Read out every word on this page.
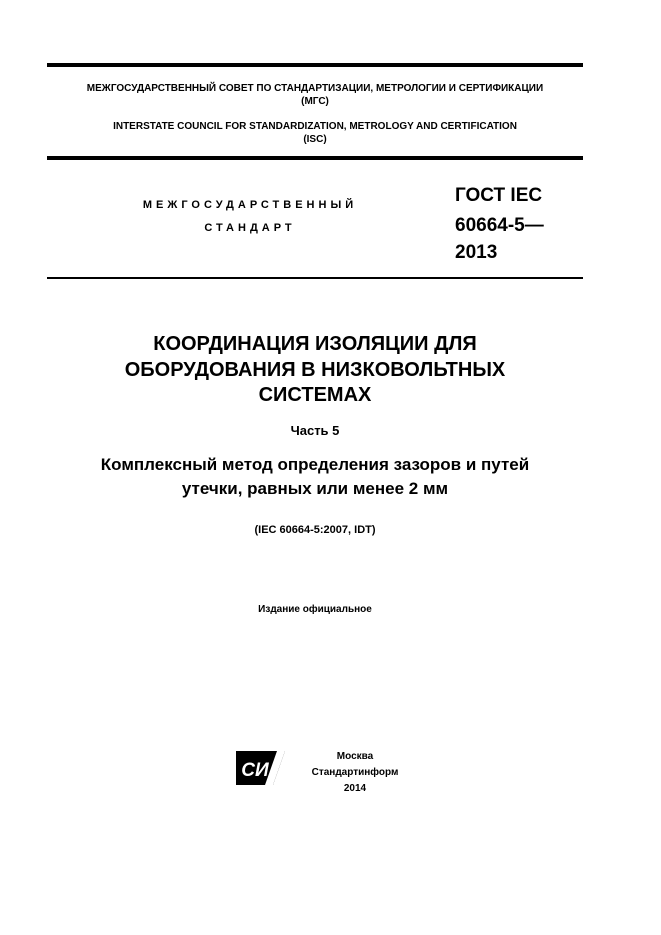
МЕЖГОСУДАРСТВЕННЫЙ СОВЕТ ПО СТАНДАРТИЗАЦИИ, МЕТРОЛОГИИ И СЕРТИФИКАЦИИ
(МГС)
INTERSTATE COUNCIL FOR STANDARDIZATION, METROLOGY AND CERTIFICATION
(ISC)
МЕЖГОСУДАРСТВЕННЫЙ
СТАНДАРТ
ГОСТ IEC
60664-5—
2013
КООРДИНАЦИЯ ИЗОЛЯЦИИ ДЛЯ
ОБОРУДОВАНИЯ В НИЗКОВОЛЬТНЫХ
СИСТЕМАХ
Часть 5
Комплексный метод определения зазоров и путей
утечки, равных или менее 2 мм
(IEC 60664-5:2007, IDT)
Издание официальное
СИ
Москва
Стандартинформ
2014
